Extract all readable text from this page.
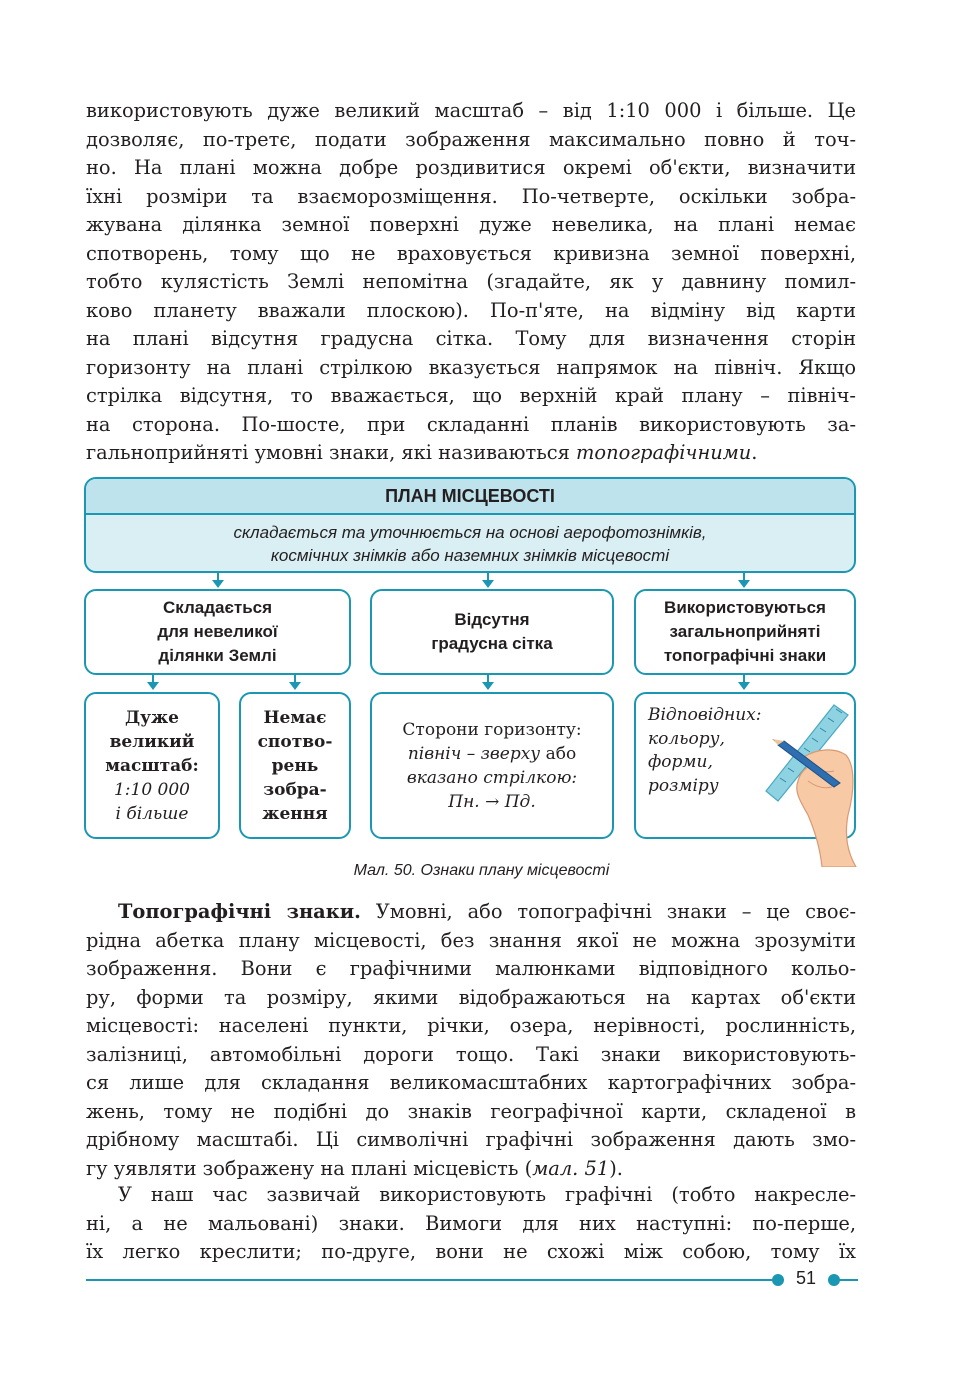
використовують дуже великий масштаб – від 1:10 000 і більше. Це
дозволяє, по-третє, подати зображення максимально повно й точ-
но. На плані можна добре роздивитися окремі об'єкти, визначити
їхні розміри та взаєморозміщення. По-четверте, оскільки зобра-
жувана ділянка земної поверхні дуже невелика, на плані немає
спотворень, тому що не враховується кривизна земної поверхні,
тобто кулястість Землі непомітна (згадайте, як у давнину помил-
ково планету вважали плоскою). По-п'яте, на відміну від карти
на плані відсутня градусна сітка. Тому для визначення сторін
горизонту на плані стрілкою вказується напрямок на північ. Якщо
стрілка відсутня, то вважається, що верхній край плану – північ-
на сторона. По-шосте, при складанні планів використовують за-
гальноприйняті умовні знаки, які називаються топографічними.
ПЛАН МІСЦЕВОСТІ
складається та уточнюється на основі аерофотознімків,
космічних знімків або наземних знімків місцевості
Складається
для невеликої
ділянки Землі
Відсутня
градусна сітка
Використовуються
загальноприйняті
топографічні знаки
Дуже
великий
масштаб:
1:10 000
і більше
Немає
спотво-
рень
зобра-
ження
Сторони горизонту:
північ – зверху або
вказано стрілкою:
Пн. → Пд.
Відповідних:
кольору,
форми,
розміру
Мал. 50. Ознаки плану місцевості
Топографічні знаки. Умовні, або топографічні знаки – це своє-
рідна абетка плану місцевості, без знання якої не можна зрозуміти
зображення. Вони є графічними малюнками відповідного кольо-
ру, форми та розміру, якими відображаються на картах об'єкти
місцевості: населені пункти, річки, озера, нерівності, рослинність,
залізниці, автомобільні дороги тощо. Такі знаки використовують-
ся лише для складання великомасштабних картографічних зобра-
жень, тому не подібні до знаків географічної карти, складеної в
дрібному масштабі. Ці символічні графічні зображення дають змо-
гу уявляти зображену на плані місцевість (мал. 51).
У наш час зазвичай використовують графічні (тобто накресле-
ні, а не мальовані) знаки. Вимоги для них наступні: по-перше,
їх легко креслити; по-друге, вони не схожі між собою, тому їх
51
